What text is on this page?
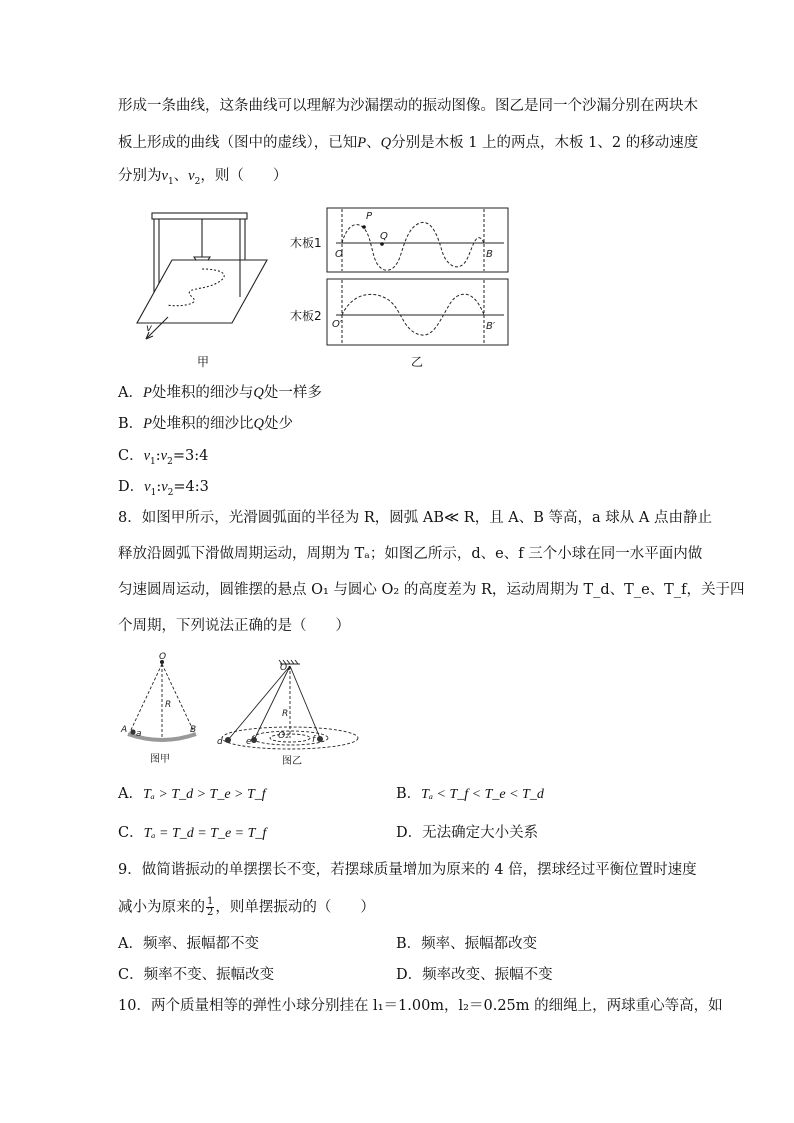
形成一条曲线，这条曲线可以理解为沙漏摆动的振动图像。图乙是同一个沙漏分别在两块木
板上形成的曲线（图中的虚线），已知P、Q分别是木板 1 上的两点，木板 1、2 的移动速度
分别为$v_1$、$v_2$，则（　　）
v
甲
木板1
木板2
P
Q
O	B
O′	B′
乙
A．P处堆积的细沙与Q处一样多
B．P处堆积的细沙比Q处少
C．$v_1:v_2=3:4$
D．$v_1:v_2=4:3$
8．如图甲所示，光滑圆弧面的半径为 R，圆弧 AB≪ R，且 A、B 等高，a 球从 A 点由静止
释放沿圆弧下滑做周期运动，周期为 Tₐ；如图乙所示，d、e、f 三个小球在同一水平面内做
匀速圆周运动，圆锥摆的悬点 O₁ 与圆心 O₂ 的高度差为 R，运动周期为 T_d、T_e、T_f，关于四
个周期，下列说法正确的是（　　）
O
R
A a	B
图甲
O₁
R
O₂
d	e	f
图乙
A．Tₐ > T_d > T_e > T_f	B．Tₐ < T_f < T_e < T_d
C．Tₐ = T_d = T_e = T_f	D．无法确定大小关系
9．做简谐振动的单摆摆长不变，若摆球质量增加为原来的 4 倍，摆球经过平衡位置时速度
减小为原来的 $\frac{1}{2}$ ，则单摆振动的（　　）
A．频率、振幅都不变	B．频率、振幅都改变
C．频率不变、振幅改变	D．频率改变、振幅不变
10．两个质量相等的弹性小球分别挂在 l₁＝1.00m，l₂＝0.25m 的细绳上，两球重心等高，如
